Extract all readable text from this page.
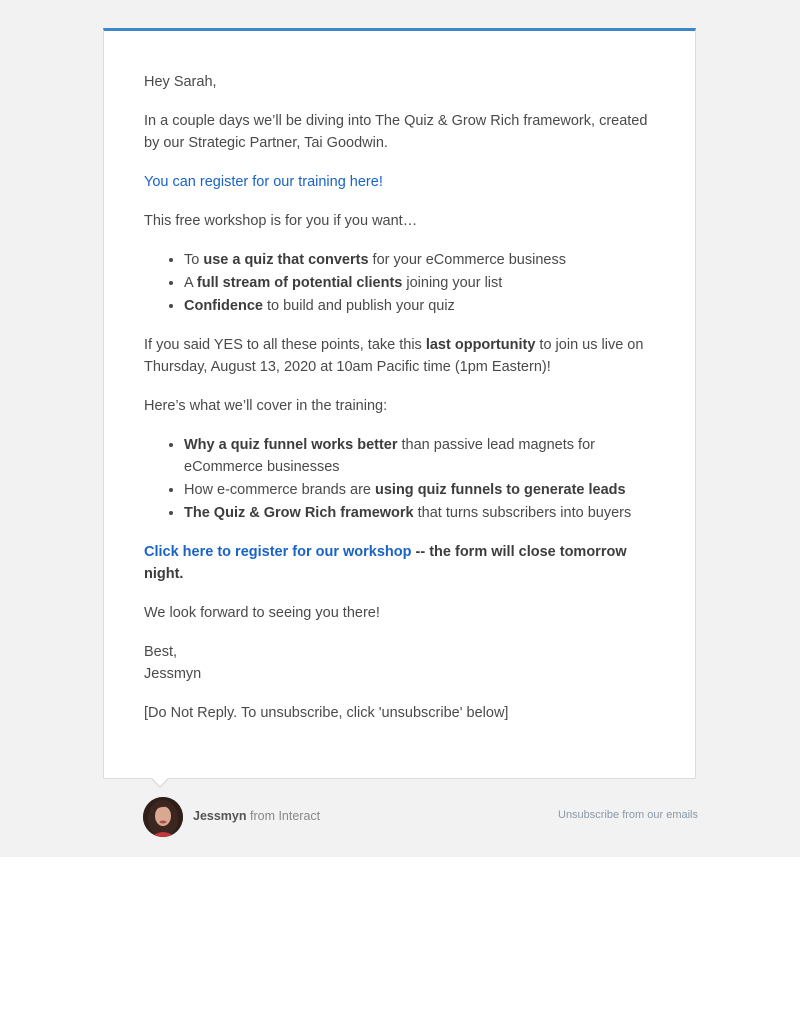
Hey Sarah,

In a couple days we’ll be diving into The Quiz & Grow Rich framework, created by our Strategic Partner, Tai Goodwin.

You can register for our training here!

This free workshop is for you if you want…

• To use a quiz that converts for your eCommerce business
• A full stream of potential clients joining your list
• Confidence to build and publish your quiz

If you said YES to all these points, take this last opportunity to join us live on Thursday, August 13, 2020 at 10am Pacific time (1pm Eastern)!

Here’s what we’ll cover in the training:

• Why a quiz funnel works better than passive lead magnets for eCommerce businesses
• How e-commerce brands are using quiz funnels to generate leads
• The Quiz & Grow Rich framework that turns subscribers into buyers

Click here to register for our workshop -- the form will close tomorrow night.

We look forward to seeing you there!

Best,

Jessmyn

[Do Not Reply. To unsubscribe, click 'unsubscribe' below]

Jessmyn from Interact	Unsubscribe from our emails
